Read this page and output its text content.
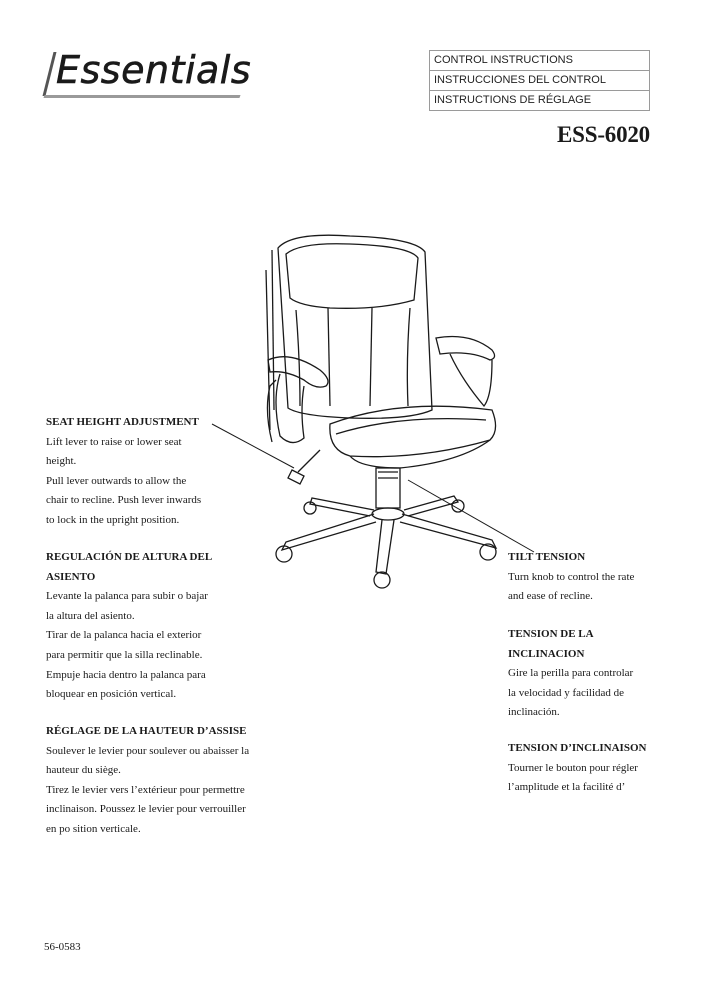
Essentials	CONTROL INSTRUCTIONS
INSTRUCCIONES DEL CONTROL
INSTRUCTIONS DE RÉGLAGE
ESS-6020
SEAT HEIGHT ADJUSTMENT
Lift lever to raise or lower seat
height.
Pull lever outwards to allow the
chair to recline. Push lever inwards
to lock in the upright position.
REGULACIÓN DE ALTURA DEL
ASIENTO
Levante la palanca para subir o bajar
la altura del asiento.
Tirar de la palanca hacia el exterior
para permitir que la silla reclinable.
Empuje hacia dentro la palanca para
bloquear en posición vertical.
RÉGLAGE DE LA HAUTEUR D’ASSISE
Soulever le levier pour soulever ou abaisser la
hauteur du siège.
Tirez le levier vers l’extérieur pour permettre
inclinaison. Poussez le levier pour verrouiller
en po sition verticale.
TILT TENSION
Turn knob to control the rate
and ease of recline.
TENSION DE LA
INCLINACION
Gire la perilla para controlar
la velocidad y facilidad de
inclinación.
TENSION D’INCLINAISON
Tourner le bouton pour régler
l’amplitude et la facilité d’
56-0583
